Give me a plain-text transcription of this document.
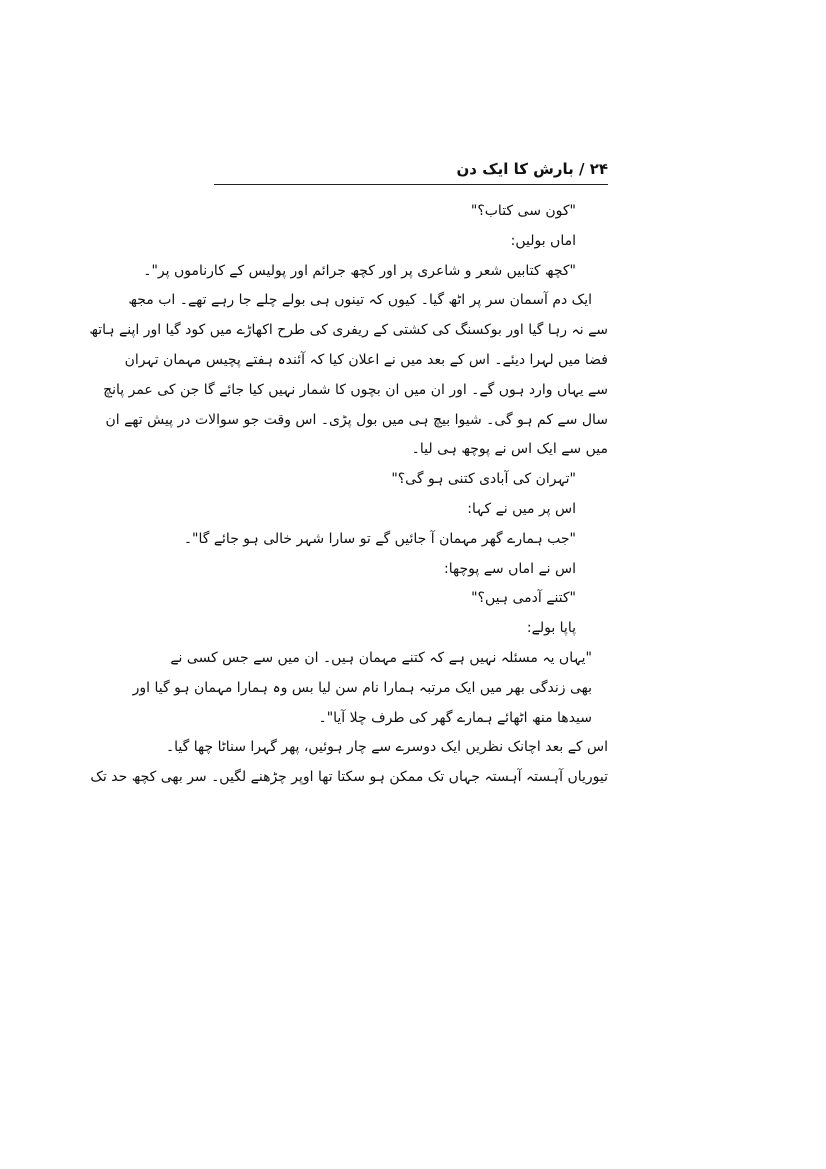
۲۴ / بارش کا ایک دن
"کون سی کتاب؟"
اماں بولیں:
"کچھ کتابیں شعر و شاعری پر اور کچھ جرائم اور پولیس کے کارناموں پر"۔
ایک دم آسمان سر پر اٹھ گیا۔ کیوں کہ تینوں ہی بولے چلے جا رہے تھے۔ اب مجھ
سے نہ رہا گیا اور بوکسنگ کی کشتی کے ریفری کی طرح اکھاڑے میں کود گیا اور اپنے ہاتھ
فضا میں لہرا دیئے۔ اس کے بعد میں نے اعلان کیا کہ آئندہ ہفتے پچیس مہمان تہران
سے یہاں وارد ہوں گے۔ اور ان میں ان بچوں کا شمار نہیں کیا جائے گا جن کی عمر پانچ
سال سے کم ہو گی۔ شیوا بیچ ہی میں بول پڑی۔ اس وقت جو سوالات در پیش تھے ان
میں سے ایک اس نے پوچھ ہی لیا۔
"تہران کی آبادی کتنی ہو گی؟"
اس پر میں نے کہا:
"جب ہمارے گھر مہمان آ جائیں گے تو سارا شہر خالی ہو جائے گا"۔
اس نے اماں سے پوچھا:
"کتنے آدمی ہیں؟"
پاپا بولے:
"یہاں یہ مسئلہ نہیں ہے کہ کتنے مہمان ہیں۔ ان میں سے جس کسی نے
بھی زندگی بھر میں ایک مرتبہ ہمارا نام سن لیا بس وہ ہمارا مہمان ہو گیا اور
سیدھا منھ اٹھائے ہمارے گھر کی طرف چلا آیا"۔
اس کے بعد اچانک نظریں ایک دوسرے سے چار ہوئیں، پھر گہرا سناٹا چھا گیا۔
تیوریاں آہستہ آہستہ جہاں تک ممکن ہو سکتا تھا اوپر چڑھنے لگیں۔ سر بھی کچھ حد تک
